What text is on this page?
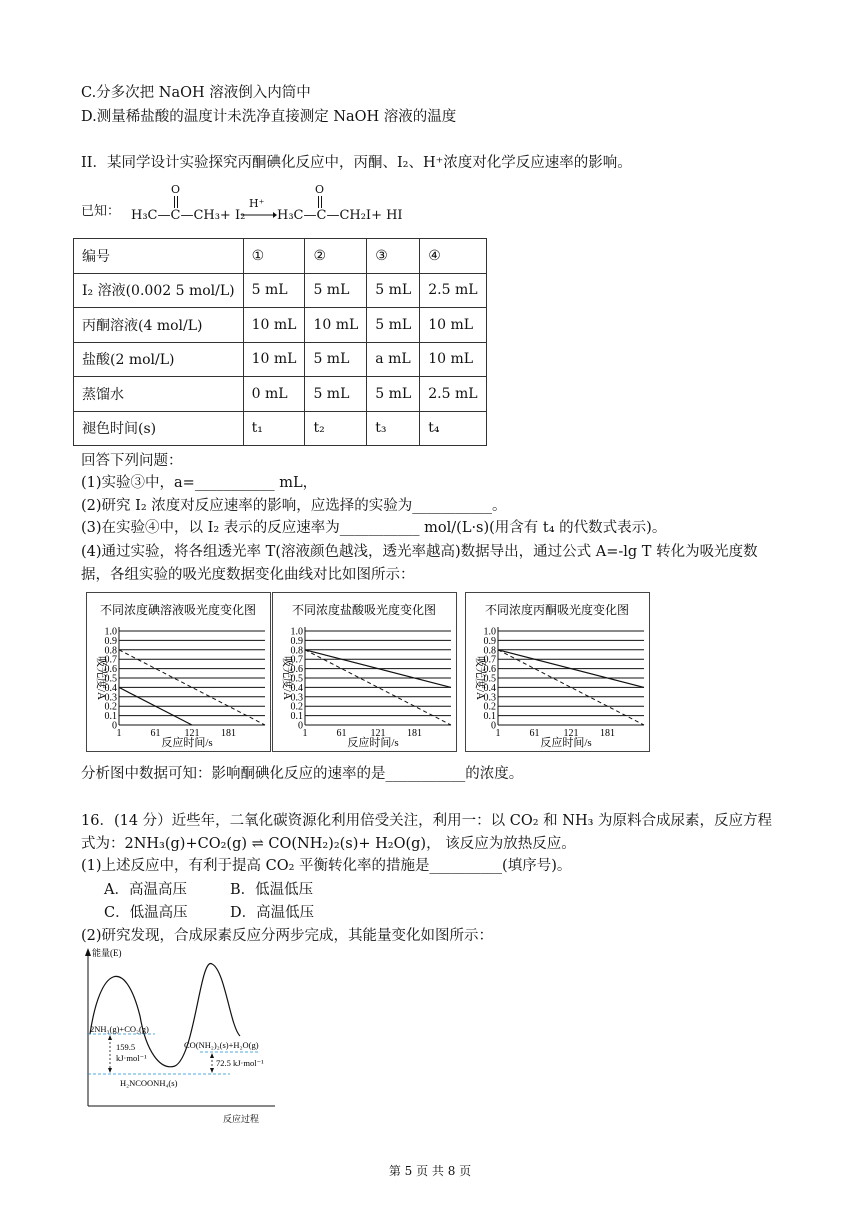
C.分多次把 NaOH 溶液倒入内筒中
D.测量稀盐酸的温度计未洗净直接测定 NaOH 溶液的温度
II．某同学设计实验探究丙酮碘化反应中，丙酮、I₂、H⁺浓度对化学反应速率的影响。
已知：
O
H₃C—C—CH₃+ I₂
H⁺
O
H₃C—C—CH₂I+ HI
编号	①	②	③	④
I₂ 溶液(0.002 5 mol/L)	5 mL	5 mL	5 mL	2.5 mL
丙酮溶液(4 mol/L)	10 mL	10 mL	5 mL	10 mL
盐酸(2 mol/L)	10 mL	5 mL	a mL	10 mL
蒸馏水	0 mL	5 mL	5 mL	2.5 mL
褪色时间(s)	t₁	t₂	t₃	t₄
回答下列问题：
(1)实验③中，a=___________ mL，
(2)研究 I₂ 浓度对反应速率的影响，应选择的实验为___________。
(3)在实验④中，以 I₂ 表示的反应速率为___________ mol/(L·s)(用含有 t₄ 的代数式表示)。
(4)通过实验，将各组透光率 T(溶液颜色越浅，透光率越高)数据导出，通过公式 A=-lg T 转化为吸光度数
据，各组实验的吸光度数据变化曲线对比如图所示：
不同浓度碘溶液吸光度变化图
1.0
0.9
0.8
0.7
0.6
0.5
0.4
0.3
0.2
0.1
0
1	61 121 181
反应时间/s
吸光度/A
不同浓度盐酸吸光度变化图
1.0
0.9
0.8
0.7
0.6
0.5
0.4
0.3
0.2
0.1
0
1	61 121 181
反应时间/s
吸光度/A
不同浓度丙酮吸光度变化图
1.0
0.9
0.8
0.7
0.6
0.5
0.4
0.3
0.2
0.1
0
1	61 121 181
反应时间/s
吸光度/A
分析图中数据可知：影响酮碘化反应的速率的是___________的浓度。
16．(14 分）近些年，二氧化碳资源化利用倍受关注，利用一：以 CO₂ 和 NH₃ 为原料合成尿素，反应方程
式为：2NH₃(g)+CO₂(g) ⇌ CO(NH₂)₂(s)+ H₂O(g)， 该反应为放热反应。
(1)上述反应中，有利于提高 CO₂ 平衡转化率的措施是__________(填序号)。
A．高温高压	B．低温低压
C．低温高压	D．高温低压
(2)研究发现，合成尿素反应分两步完成，其能量变化如图所示：
能量(E)
反应过程
2NH₃(g)+CO₂(g)
CO(NH₂)₂(s)+H₂O(g)
H₂NCOONH₄(s)
159.5
kJ·mol⁻¹	72.5 kJ·mol⁻¹
第 5 页 共 8 页
